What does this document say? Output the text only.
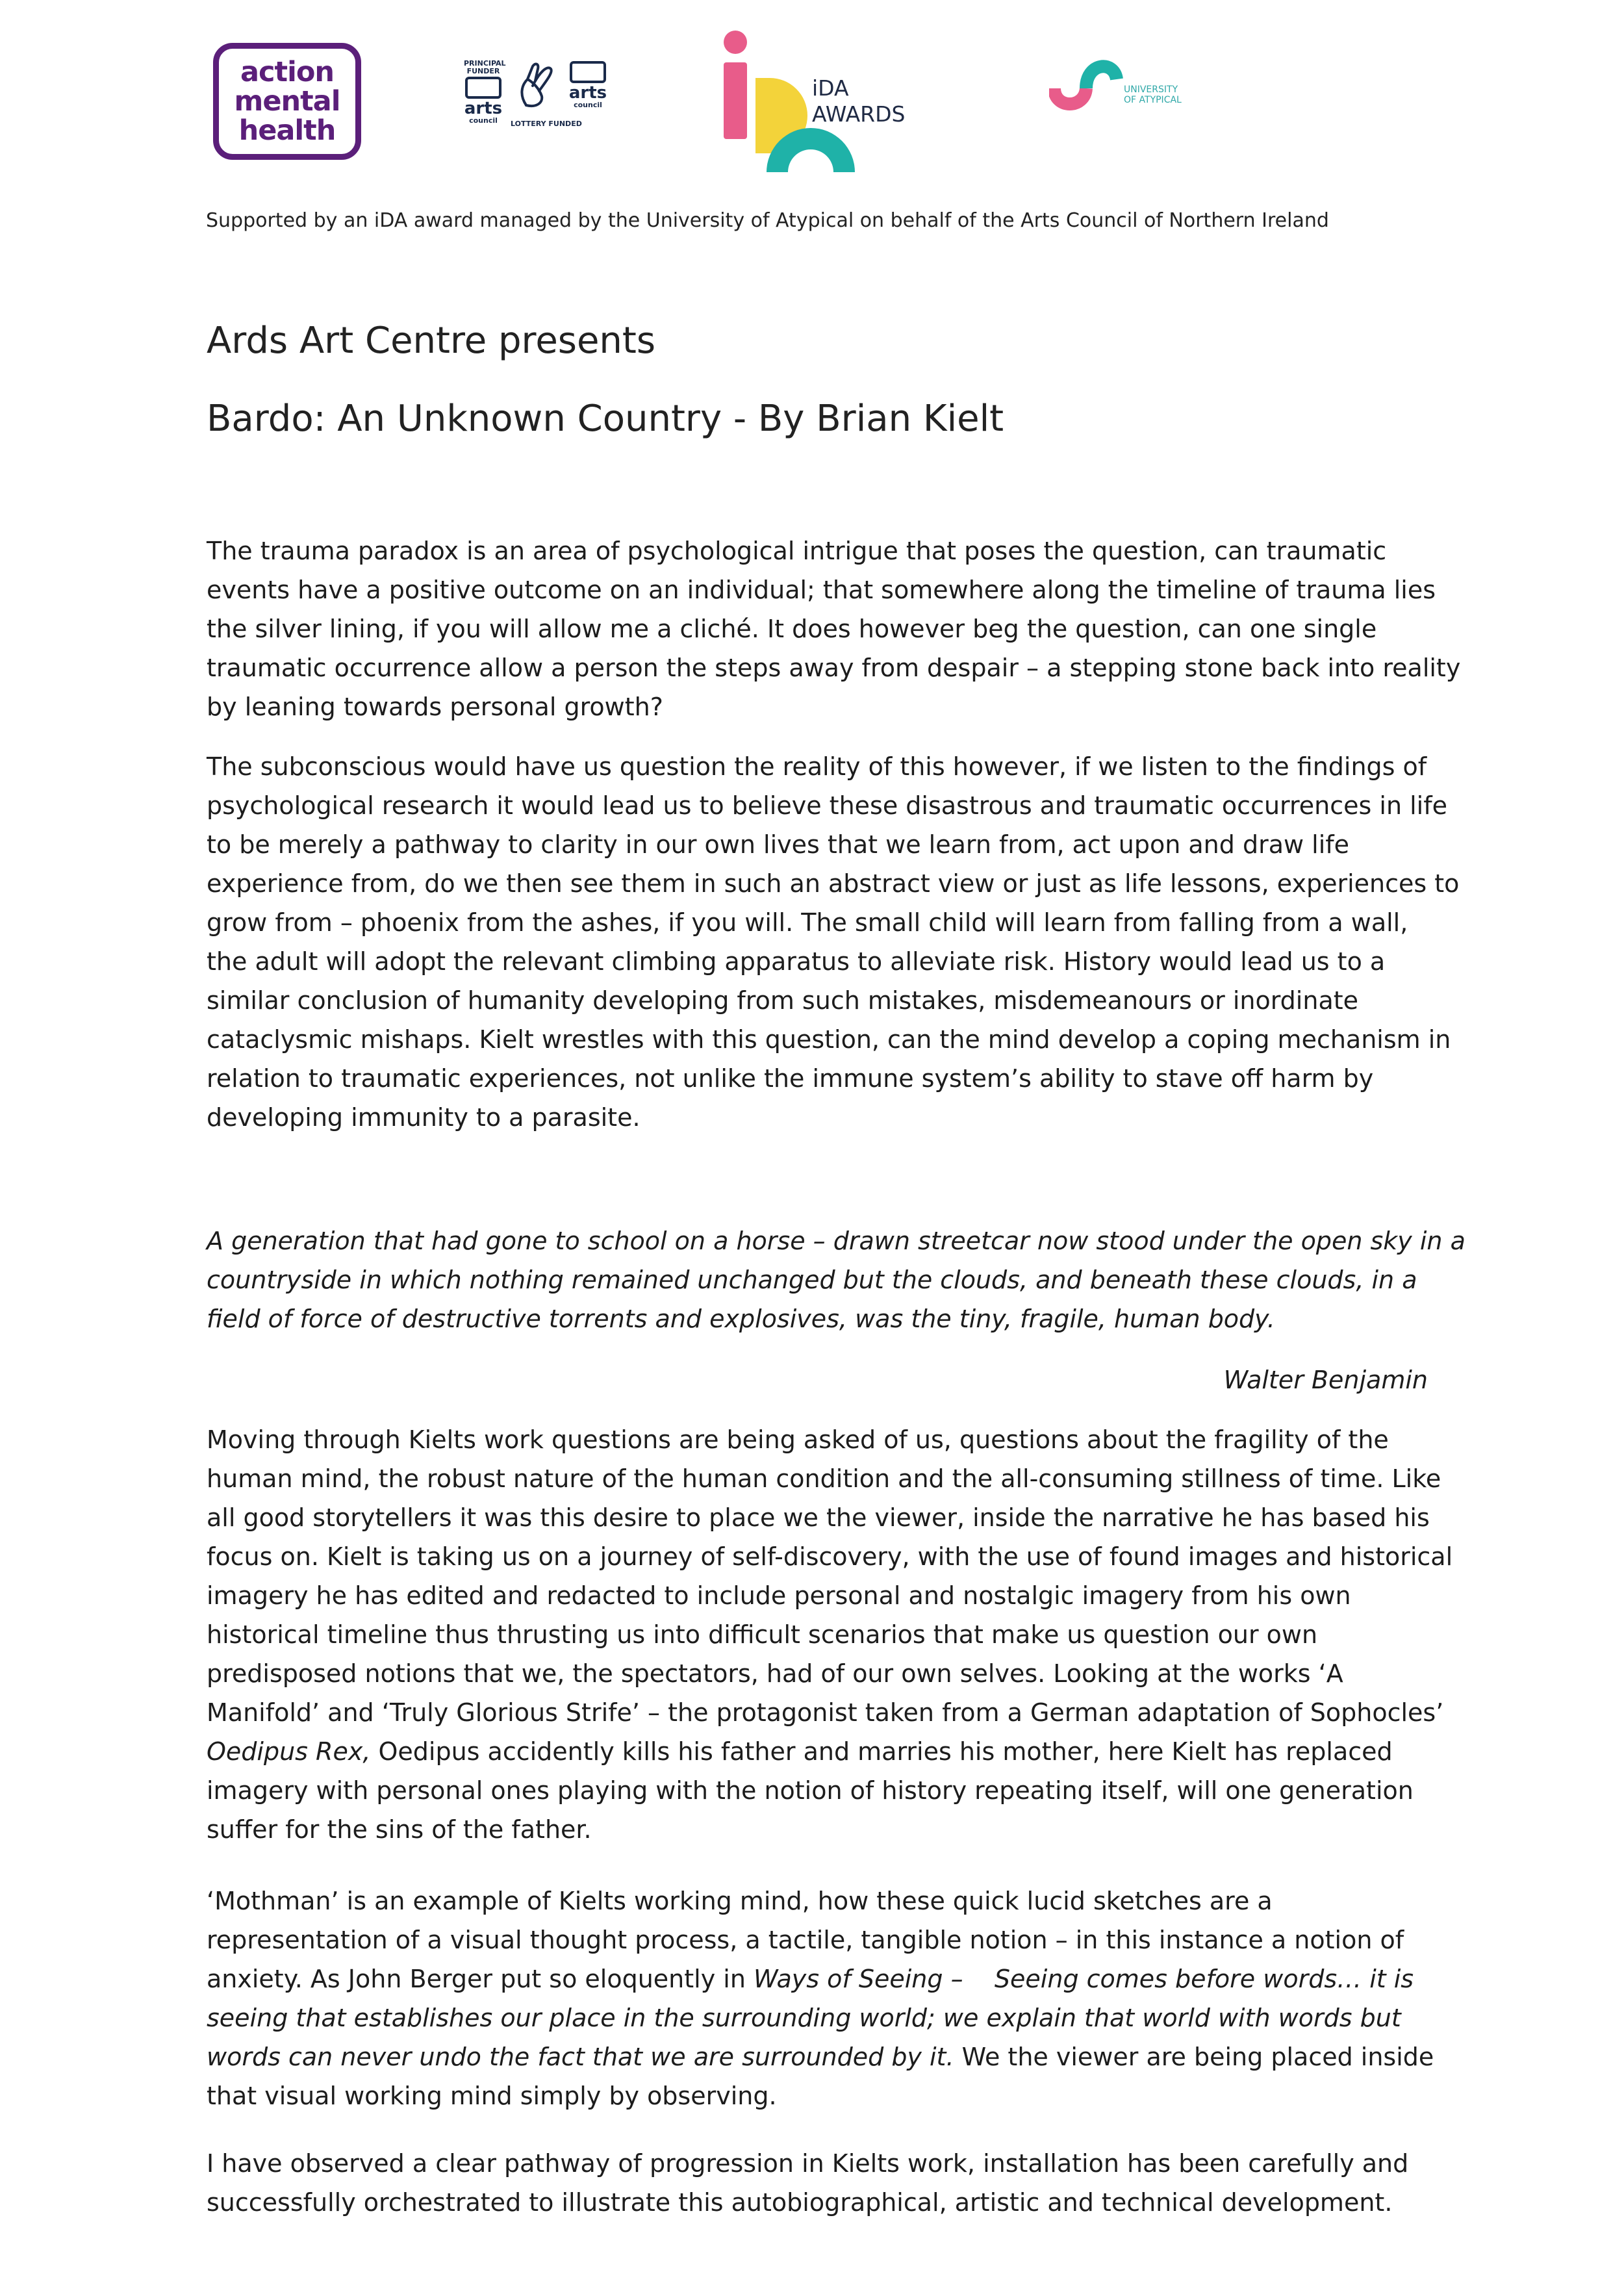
action
mental
health
PRINCIPAL FUNDER
arts
council LOTTERY FUNDED
arts
council
iDA
AWARDS
UNIVERSITY
OF ATYPICAL
Supported by an iDA award managed by the University of Atypical on behalf of the Arts Council of Northern Ireland
Ards Art Centre presents
Bardo: An Unknown Country - By Brian Kielt

The trauma paradox is an area of psychological intrigue that poses the question, can traumatic
events have a positive outcome on an individual; that somewhere along the timeline of trauma lies
the silver lining, if you will allow me a cliché. It does however beg the question, can one single
traumatic occurrence allow a person the steps away from despair – a stepping stone back into reality
by leaning towards personal growth?

The subconscious would have us question the reality of this however, if we listen to the findings of
psychological research it would lead us to believe these disastrous and traumatic occurrences in life
to be merely a pathway to clarity in our own lives that we learn from, act upon and draw life
experience from, do we then see them in such an abstract view or just as life lessons, experiences to
grow from – phoenix from the ashes, if you will. The small child will learn from falling from a wall,
the adult will adopt the relevant climbing apparatus to alleviate risk. History would lead us to a
similar conclusion of humanity developing from such mistakes, misdemeanours or inordinate
cataclysmic mishaps. Kielt wrestles with this question, can the mind develop a coping mechanism in
relation to traumatic experiences, not unlike the immune system’s ability to stave off harm by
developing immunity to a parasite.

A generation that had gone to school on a horse – drawn streetcar now stood under the open sky in a
countryside in which nothing remained unchanged but the clouds, and beneath these clouds, in a
field of force of destructive torrents and explosives, was the tiny, fragile, human body.

Walter Benjamin

Moving through Kielts work questions are being asked of us, questions about the fragility of the
human mind, the robust nature of the human condition and the all-consuming stillness of time. Like
all good storytellers it was this desire to place we the viewer, inside the narrative he has based his
focus on. Kielt is taking us on a journey of self-discovery, with the use of found images and historical
imagery he has edited and redacted to include personal and nostalgic imagery from his own
historical timeline thus thrusting us into difficult scenarios that make us question our own
predisposed notions that we, the spectators, had of our own selves. Looking at the works ‘A
Manifold’ and ‘Truly Glorious Strife’ – the protagonist taken from a German adaptation of Sophocles’
Oedipus Rex, Oedipus accidently kills his father and marries his mother, here Kielt has replaced
imagery with personal ones playing with the notion of history repeating itself, will one generation
suffer for the sins of the father.

‘Mothman’ is an example of Kielts working mind, how these quick lucid sketches are a
representation of a visual thought process, a tactile, tangible notion – in this instance a notion of
anxiety. As John Berger put so eloquently in Ways of Seeing – Seeing comes before words… it is
seeing that establishes our place in the surrounding world; we explain that world with words but
words can never undo the fact that we are surrounded by it. We the viewer are being placed inside
that visual working mind simply by observing.

I have observed a clear pathway of progression in Kielts work, installation has been carefully and
successfully orchestrated to illustrate this autobiographical, artistic and technical development.
